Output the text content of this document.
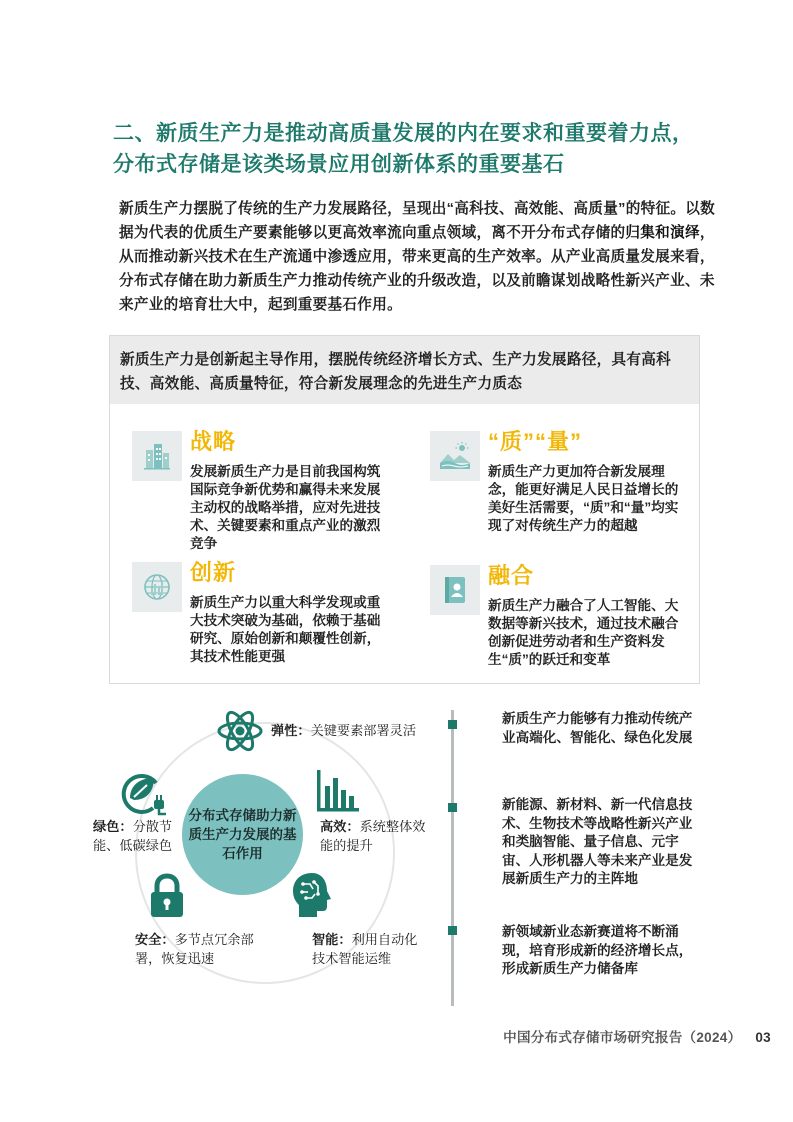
二、新质生产力是推动高质量发展的内在要求和重要着力点，
分布式存储是该类场景应用创新体系的重要基石

新质生产力摆脱了传统的生产力发展路径，呈现出“高科技、高效能、高质量”的特征。以数据为代表的优质生产要素能够以更高效率流向重点领域，离不开分布式存储的归集和演绎，从而推动新兴技术在生产流通中渗透应用，带来更高的生产效率。从产业高质量发展来看，分布式存储在助力新质生产力推动传统产业的升级改造，以及前瞻谋划战略性新兴产业、未来产业的培育壮大中，起到重要基石作用。

新质生产力是创新起主导作用，摆脱传统经济增长方式、生产力发展路径，具有高科技、高效能、高质量特征，符合新发展理念的先进生产力质态
战略
发展新质生产力是目前我国构筑国际竞争新优势和赢得未来发展主动权的战略举措，应对先进技术、关键要素和重点产业的激烈竞争
“质”“量”
新质生产力更加符合新发展理念，能更好满足人民日益增长的美好生活需要，“质”和“量”均实现了对传统生产力的超越
创新
新质生产力以重大科学发现或重大技术突破为基础，依赖于基础研究、原始创新和颠覆性创新，其技术性能更强
融合
新质生产力融合了人工智能、大数据等新兴技术，通过技术融合创新促进劳动者和生产资料发生“质”的跃迁和变革
分布式存储助力新质生产力发展的基石作用
弹性：关键要素部署灵活
高效：系统整体效能的提升
智能：利用自动化技术智能运维
安全：多节点冗余部署，恢复迅速
绿色：分散节能、低碳绿色
新质生产力能够有力推动传统产业高端化、智能化、绿色化发展
新能源、新材料、新一代信息技术、生物技术等战略性新兴产业和类脑智能、量子信息、元宇宙、人形机器人等未来产业是发展新质生产力的主阵地
新领域新业态新赛道将不断涌现，培育形成新的经济增长点，形成新质生产力储备库
中国分布式存储市场研究报告（2024） 03
